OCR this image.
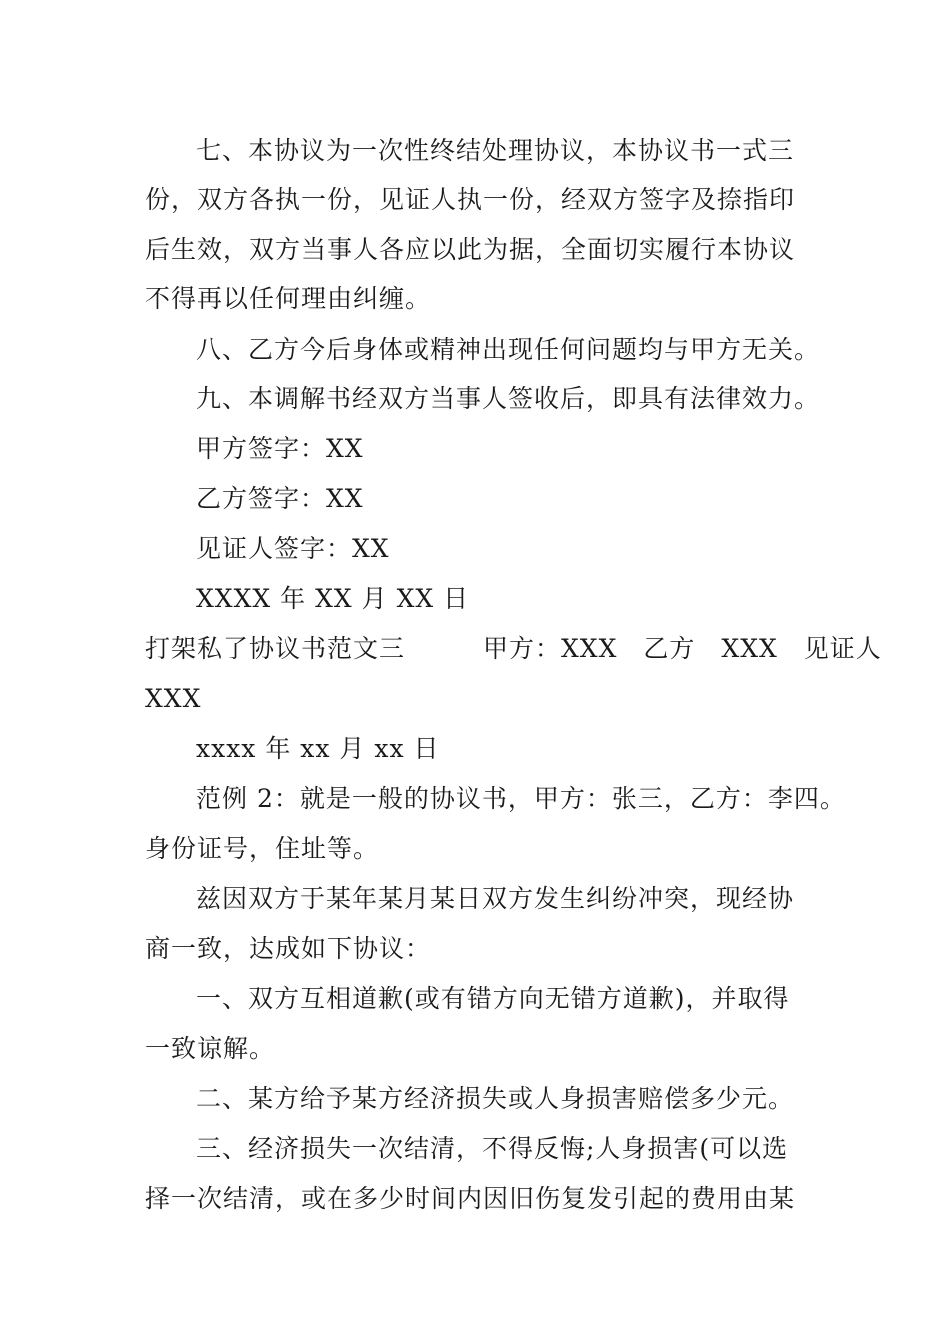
七、本协议为一次性终结处理协议，本协议书一式三
份，双方各执一份，见证人执一份，经双方签字及捺指印
后生效，双方当事人各应以此为据，全面切实履行本协议
不得再以任何理由纠缠。
八、乙方今后身体或精神出现任何问题均与甲方无关。
九、本调解书经双方当事人签收后，即具有法律效力。
甲方签字：XX
乙方签字：XX
见证人签字：XX
XXXX 年 XX 月 XX 日
打架私了协议书范文三　　　甲方：XXX　乙方　XXX　见证人
XXX
xxxx 年 xx 月 xx 日
范例 2：就是一般的协议书，甲方：张三，乙方：李四。
身份证号，住址等。
兹因双方于某年某月某日双方发生纠纷冲突，现经协
商一致，达成如下协议：
一、双方互相道歉(或有错方向无错方道歉)，并取得
一致谅解。
二、某方给予某方经济损失或人身损害赔偿多少元。
三、经济损失一次结清，不得反悔;人身损害(可以选
择一次结清，或在多少时间内因旧伤复发引起的费用由某
